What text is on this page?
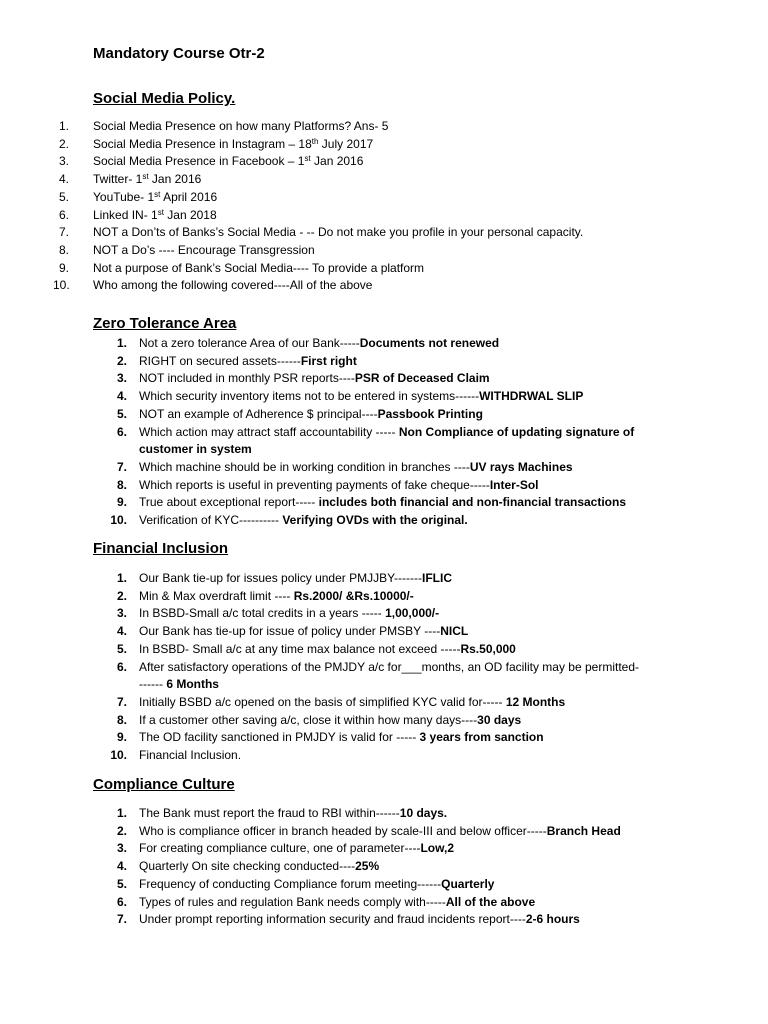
Mandatory Course Otr-2
Social Media Policy.
1. Social Media Presence on how many Platforms? Ans- 5
2. Social Media Presence in Instagram – 18th July 2017
3. Social Media Presence in Facebook – 1st Jan 2016
4. Twitter- 1st Jan 2016
5. YouTube- 1st April 2016
6. Linked IN- 1st Jan 2018
7. NOT a Don’ts of Banks’s Social Media - -- Do not make you profile in your personal capacity.
8. NOT a Do’s ---- Encourage Transgression
9. Not a purpose of Bank’s Social Media---- To provide a platform
10. Who among the following covered----All of the above
Zero Tolerance Area
1. Not a zero tolerance Area of our Bank-----Documents not renewed
2. RIGHT on secured assets------First right
3. NOT included in monthly PSR reports----PSR of Deceased Claim
4. Which security inventory items not to be entered in systems------WITHDRWAL SLIP
5. NOT an example of Adherence $ principal----Passbook Printing
6. Which action may attract staff accountability ----- Non Compliance of updating signature of
customer in system
7. Which machine should be in working condition in branches ----UV rays Machines
8. Which reports is useful in preventing payments of fake cheque-----Inter-Sol
9. True about exceptional report----- includes both financial and non-financial transactions
10. Verification of KYC---------- Verifying OVDs with the original.
Financial Inclusion
1. Our Bank tie-up for issues policy under PMJJBY-------IFLIC
2. Min & Max overdraft limit ---- Rs.2000/ &Rs.10000/-
3. In BSBD-Small a/c total credits in a years ----- 1,00,000/-
4. Our Bank has tie-up for issue of policy under PMSBY ----NICL
5. In BSBD- Small a/c at any time max balance not exceed -----Rs.50,000
6. After satisfactory operations of the PMJDY a/c for___months, an OD facility may be permitted-
------ 6 Months
7. Initially BSBD a/c opened on the basis of simplified KYC valid for----- 12 Months
8. If a customer other saving a/c, close it within how many days----30 days
9. The OD facility sanctioned in PMJDY is valid for ----- 3 years from sanction
10. Financial Inclusion.
Compliance Culture
1. The Bank must report the fraud to RBI within------10 days.
2. Who is compliance officer in branch headed by scale-III and below officer-----Branch Head
3. For creating compliance culture, one of parameter----Low,2
4. Quarterly On site checking conducted----25%
5. Frequency of conducting Compliance forum meeting------Quarterly
6. Types of rules and regulation Bank needs comply with-----All of the above
7. Under prompt reporting information security and fraud incidents report----2-6 hours
